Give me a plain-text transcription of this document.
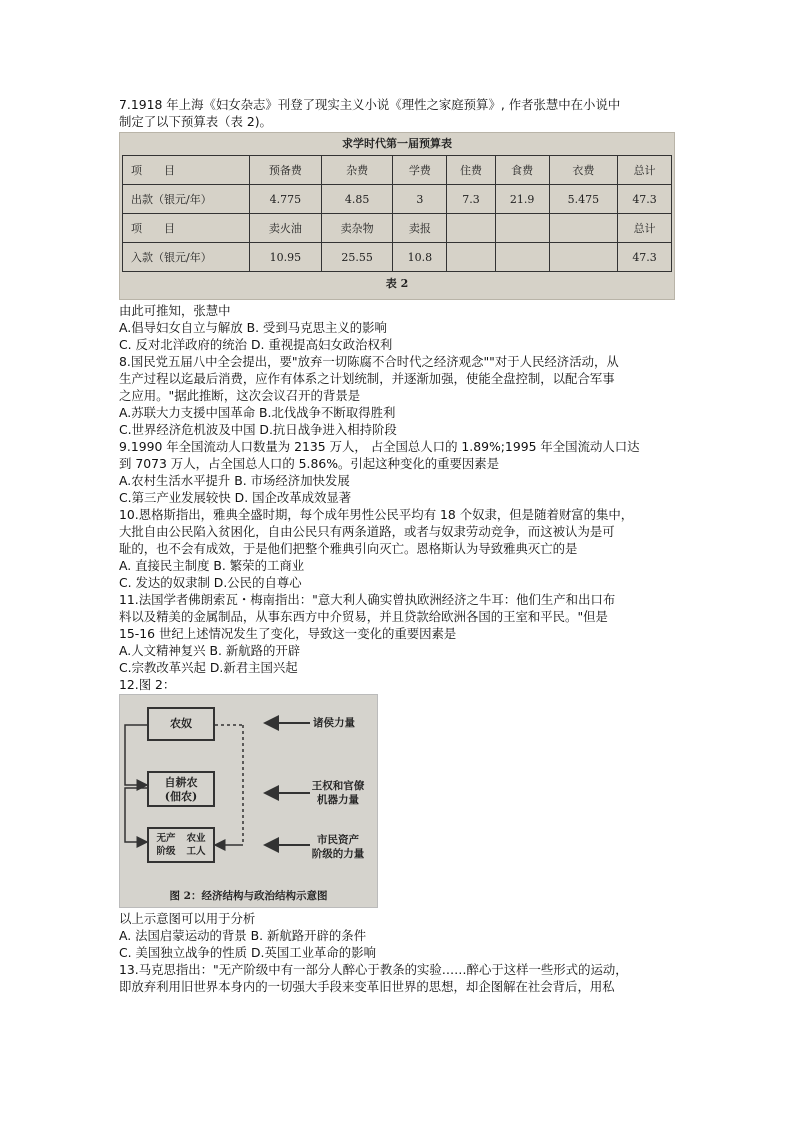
7.1918 年上海《妇女杂志》刊登了现实主义小说《理性之家庭预算》, 作者张慧中在小说中
制定了以下预算表（表 2)。
求学时代第一届预算表
项　　目	预备费	杂费	学费	住费	食费	衣费	总计
出款（银元/年）	4.775	4.85	3	7.3	21.9	5.475	47.3
项　　目	卖火油	卖杂物	卖报				总计
入款（银元/年）	10.95	25.55	10.8				47.3
表 2
由此可推知，张慧中
A.倡导妇女自立与解放 B. 受到马克思主义的影响
C. 反对北洋政府的统治 D. 重视提高妇女政治权利
8.国民党五届八中全会提出，要"放弃一切陈腐不合时代之经济观念""对于人民经济活动，从
生产过程以迄最后消费，应作有体系之计划统制，并逐渐加强，使能全盘控制，以配合军事
之应用。"据此推断，这次会议召开的背景是
A.苏联大力支援中国革命 B.北伐战争不断取得胜利
C.世界经济危机波及中国 D.抗日战争进入相持阶段
9.1990 年全国流动人口数量为 2135 万人， 占全国总人口的 1.89%;1995 年全国流动人口达
到 7073 万人，占全国总人口的 5.86%。引起这种变化的重要因素是
A.农村生活水平提升 B. 市场经济加快发展
C.第三产业发展较快 D. 国企改革成效显著
10.恩格斯指出，雅典全盛时期，每个成年男性公民平均有 18 个奴隶，但是随着财富的集中，
大批自由公民陷入贫困化，自由公民只有两条道路，或者与奴隶劳动竞争，而这被认为是可
耻的，也不会有成效，于是他们把整个雅典引向灭亡。恩格斯认为导致雅典灭亡的是
A. 直接民主制度 B. 繁荣的工商业
C. 发达的奴隶制 D.公民的自尊心
11.法国学者佛朗索瓦・梅南指出："意大利人确实曾执欧洲经济之牛耳：他们生产和出口布
料以及精美的金属制品，从事东西方中介贸易，并且贷款给欧洲各国的王室和平民。"但是
15-16 世纪上述情况发生了变化，导致这一变化的重要因素是
A.人文精神复兴 B. 新航路的开辟
C.宗教改革兴起 D.新君主国兴起
12.图 2：
农奴
自耕农
(佃农)
无产
阶级
农业
工人
诸侯力量
王权和官僚
机器力量
市民资产
阶级的力量
图 2：经济结构与政治结构示意图
以上示意图可以用于分析
A. 法国启蒙运动的背景 B. 新航路开辟的条件
C. 美国独立战争的性质 D.英国工业革命的影响
13.马克思指出："无产阶级中有一部分人醉心于教条的实验……醉心于这样一些形式的运动，
即放弃利用旧世界本身内的一切强大手段来变革旧世界的思想，却企图解在社会背后，用私
